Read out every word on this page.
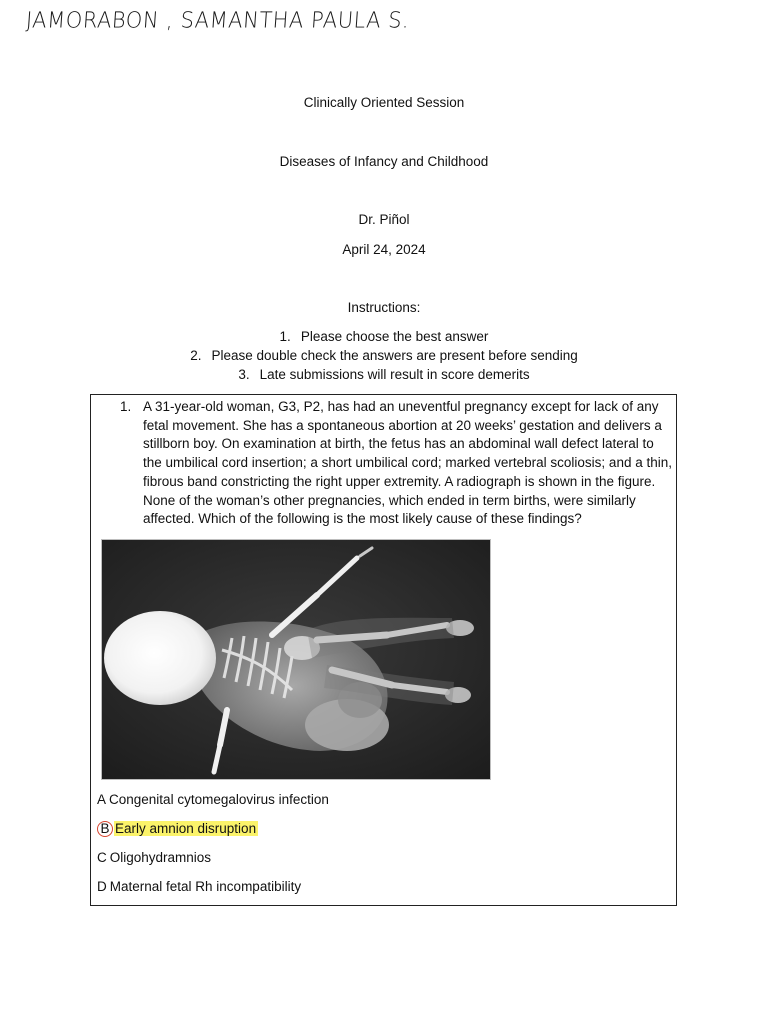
JAMORABON , SAMANTHA PAULA S.
Clinically Oriented Session
Diseases of Infancy and Childhood
Dr. Piñol
April 24, 2024
Instructions:
1. Please choose the best answer
2. Please double check the answers are present before sending
3. Late submissions will result in score demerits
1. A 31-year-old woman, G3, P2, has had an uneventful pregnancy except for lack of any fetal movement. She has a spontaneous abortion at 20 weeks’ gestation and delivers a stillborn boy. On examination at birth, the fetus has an abdominal wall defect lateral to the umbilical cord insertion; a short umbilical cord; marked vertebral scoliosis; and a thin, fibrous band constricting the right upper extremity. A radiograph is shown in the figure. None of the woman’s other pregnancies, which ended in term births, were similarly affected. Which of the following is the most likely cause of these findings?
A Congenital cytomegalovirus infection
B Early amnion disruption
C Oligohydramnios
D Maternal fetal Rh incompatibility
